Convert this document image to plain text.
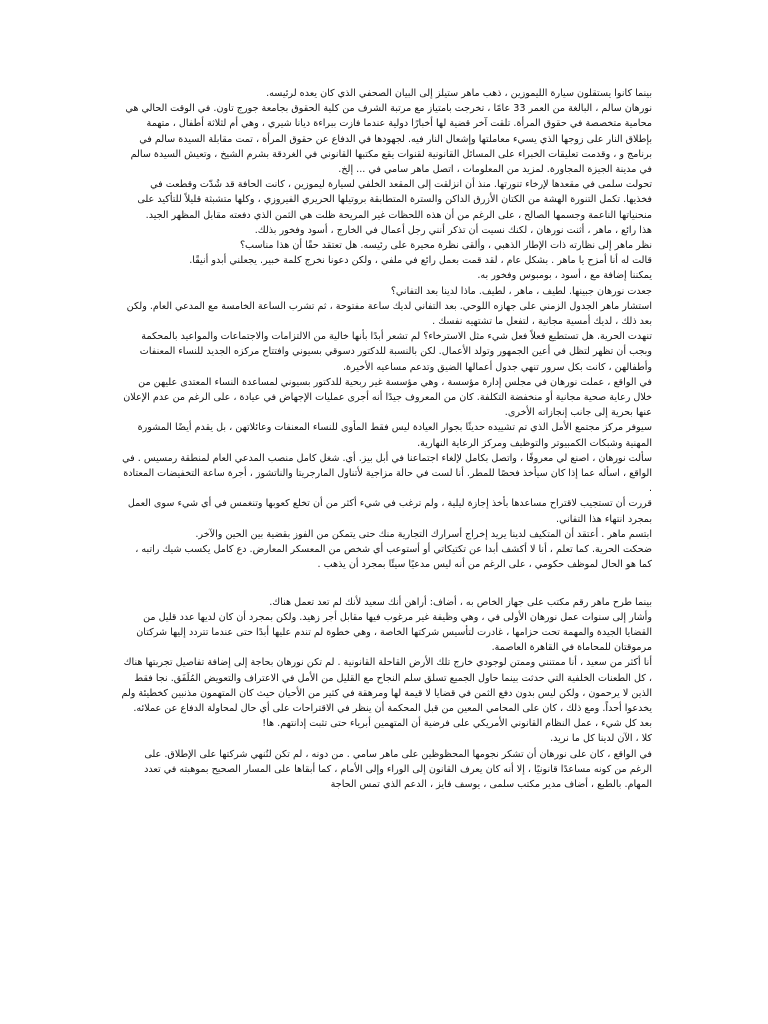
بينما كانوا يستقلون سيارة الليموزين ، ذهب ماهر ستيلز إلى البيان الصحفي الذي كان يعده لرئيسه.

نورهان سالم ، البالغة من العمر 33 عامًا ، تخرجت بامتياز مع مرتبة الشرف من كلية الحقوق بجامعة جورج تاون. في الوقت الحالي هي محامية متخصصة في حقوق المرأة. تلقت آخر قضية لها أخبارًا دولية عندما فازت ببراءة ديانا شيري ، وهي أم لثلاثة أطفال ، متهمة بإطلاق النار على زوجها الذي يسيء معاملتها وإشعال النار فيه. لجهودها في الدفاع عن حقوق المرأة ، تمت مقابلة السيدة سالم في برنامج و ، وقدمت تعليقات الخبراء على المسائل القانونية لقنوات يقع مكتبها القانوني في الغردقة بشرم الشيخ ، وتعيش السيدة سالم في مدينة الجيزة المجاورة. لمزيد من المعلومات ، اتصل ماهر سامي في ... إلخ.

تحولت سلمى في مقعدها لإرخاء تنورتها. منذ أن انزلقت إلى المقعد الخلفي لسيارة ليموزين ، كانت الحافة قد شُدّت وقطعت في فخذيها. تكمل التنورة الهشة من الكتان الأزرق الداكن والسترة المتطابقة بروتيلها الحريري الفيروزي ، وكلها متشبثة قليلاً للتأكيد على منحنياتها الناعمة وجسمها الصالح ، على الرغم من أن هذه اللحظات غير المريحة ظلت هي الثمن الذي دفعته مقابل المظهر الجيد.

هذا رائع ، ماهر ، أثنت نورهان ، لكنك نسيت أن تذكر أنني رجل أعمال في الخارج ، أسود وفخور بذلك.

نظر ماهر إلى نظارته ذات الإطار الذهبي ، وألقى نظرة محيرة على رئيسه. هل تعتقد حقًا أن هذا مناسب؟

قالت له أنا أمزح يا ماهر . بشكل عام ، لقد قمت بعمل رائع في ملفي ، ولكن دعونا نخرج كلمة خبير. يجعلني أبدو أنيقًا.

يمكننا إضافة مع ، أسود ، بومبوس وفخور به.

جعدت نورهان جبينها. لطيف ، ماهر ، لطيف. ماذا لدينا بعد التفاني؟

استشار ماهر الجدول الزمني على جهازه اللوحي. بعد التفاني لديك ساعة مفتوحة ، ثم تشرب الساعة الخامسة مع المدعي العام. ولكن بعد ذلك ، لديك أمسية مجانية ، لتفعل ما تشتهيه نفسك .

تنهدت الحرية. هل تستطيع فعلاً فعل شيء مثل الاسترخاء؟ لم تشعر أبدًا بأنها خالية من الالتزامات والاجتماعات والمواعيد بالمحكمة وبجب أن تظهر لتظل في أعين الجمهور وتولد الأعمال. لكن بالنسبة للدكتور دسوقي بسيوني وافتتاح مركزه الجديد للنساء المعنفات وأطفالهن ، كانت بكل سرور تنهي جدول أعمالها الضيق وتدعم مساعيه الأخيرة.

في الواقع ، عملت نورهان في مجلس إدارة مؤسسة ، وهي مؤسسة غير ربحية للدكتور بسيوني لمساعدة النساء المعتدى عليهن من خلال رعاية صحية مجانية أو منخفضة التكلفة. كان من المعروف جيدًا أنه أجرى عمليات الإجهاض في عيادة ، على الرغم من عدم الإعلان عنها بحرية إلى جانب إنجازاته الأخرى.

سيوفر مركز مجتمع الأمل الذي تم تشييده حديثًا بجوار العيادة ليس فقط المأوى للنساء المعنفات وعائلاتهن ، بل يقدم أيضًا المشورة المهنية وشبكات الكمبيوتر والتوظيف ومركز الرعاية النهارية.

سألت نورهان ، اصنع لي معروفًا ، واتصل بكامل لإلغاء اجتماعنا في أبل بيز. أي. شغل كامل منصب المدعي العام لمنطقة رمسيس . في الواقع ، اسأله عما إذا كان سيأخذ فحصًا للمطر. أنا لست في حالة مزاجية لأتناول المارجريتا والناتشوز ، أجرة ساعة التخفيضات المعتادة .

قررت أن تستجيب لاقتراح مساعدها بأخذ إجازة ليلية ، ولم ترغب في شيء أكثر من أن تخلع كعوبها وتنغمس في أي شيء سوى العمل بمجرد انتهاء هذا التفاني.

ابتسم ماهر . أعتقد أن المتكيف لدينا يريد إخراج أسرارك التجارية منك حتى يتمكن من الفوز بقضية بين الحين والآخر.

ضحكت الحرية. كما تعلم ، أنا لا أكشف أبدا عن تكتيكاتي أو أستوعب أي شخص من المعسكر المعارض. دع كامل يكسب شيك راتبه ، كما هو الحال لموظف حكومي ، على الرغم من أنه ليس مدعيًا سيئًا بمجرد أن يذهب .

بينما طرح ماهر رقم مكتب على جهاز الخاص به ، أضاف: أراهن أنك سعيد لأنك لم تعد تعمل هناك.

وأشار إلى سنوات عمل نورهان الأولى في ، وهي وظيفة غير مرغوب فيها مقابل أجر زهيد. ولكن بمجرد أن كان لديها عدد قليل من القضايا الجيدة والمهمة تحت حزامها ، غادرت لتأسيس شركتها الخاصة ، وهي خطوة لم تندم عليها أبدًا حتى عندما تتردد إليها شركتان مرموقتان للمحاماة في القاهرة العاصمة.

أنا أكثر من سعيد ، أنا ممتنني وممتن لوجودي خارج تلك الأرض القاحلة القانونية . لم تكن نورهان بحاجة إلى إضافة تفاصيل تجربتها هناك ، كل الطعنات الخلفية التي حدثت بينما حاول الجميع تسلق سلم النجاح مع القليل من الأمل في الاعتراف والتعويض المُلَفَق. نجا فقط الذين لا يرحمون ، ولكن ليس بدون دفع الثمن في قضايا لا قيمة لها ومرهقة في كثير من الأحيان حيث كان المتهمون مذنبين كخطيئة ولم يخدعوا أحداً. ومع ذلك ، كان على المحامي المعين من قبل المحكمة أن ينظر في الاقتراحات على أي حال لمحاولة الدفاع عن عملائه. بعد كل شيء ، عمل النظام القانوني الأمريكي على فرضية أن المتهمين أبرياء حتى تثبت إدانتهم. ها!

كلا ، الآن لدينا كل ما نريد.

في الواقع ، كان على نورهان أن تشكر نجومها المحظوظين على ماهر سامي . من دونه ، لم تكن لتُنهي شركتها على الإطلاق. على الرغم من كونه مساعدًا قانونيًا ، إلا أنه كان يعرف القانون إلى الوراء وإلى الأمام ، كما أبقاها على المسار الصحيح بموهبته في تعدد المهام. بالطبع ، أضاف مدير مكتب سلمى ، يوسف فايز ، الدعم الذي تمس الحاجة
